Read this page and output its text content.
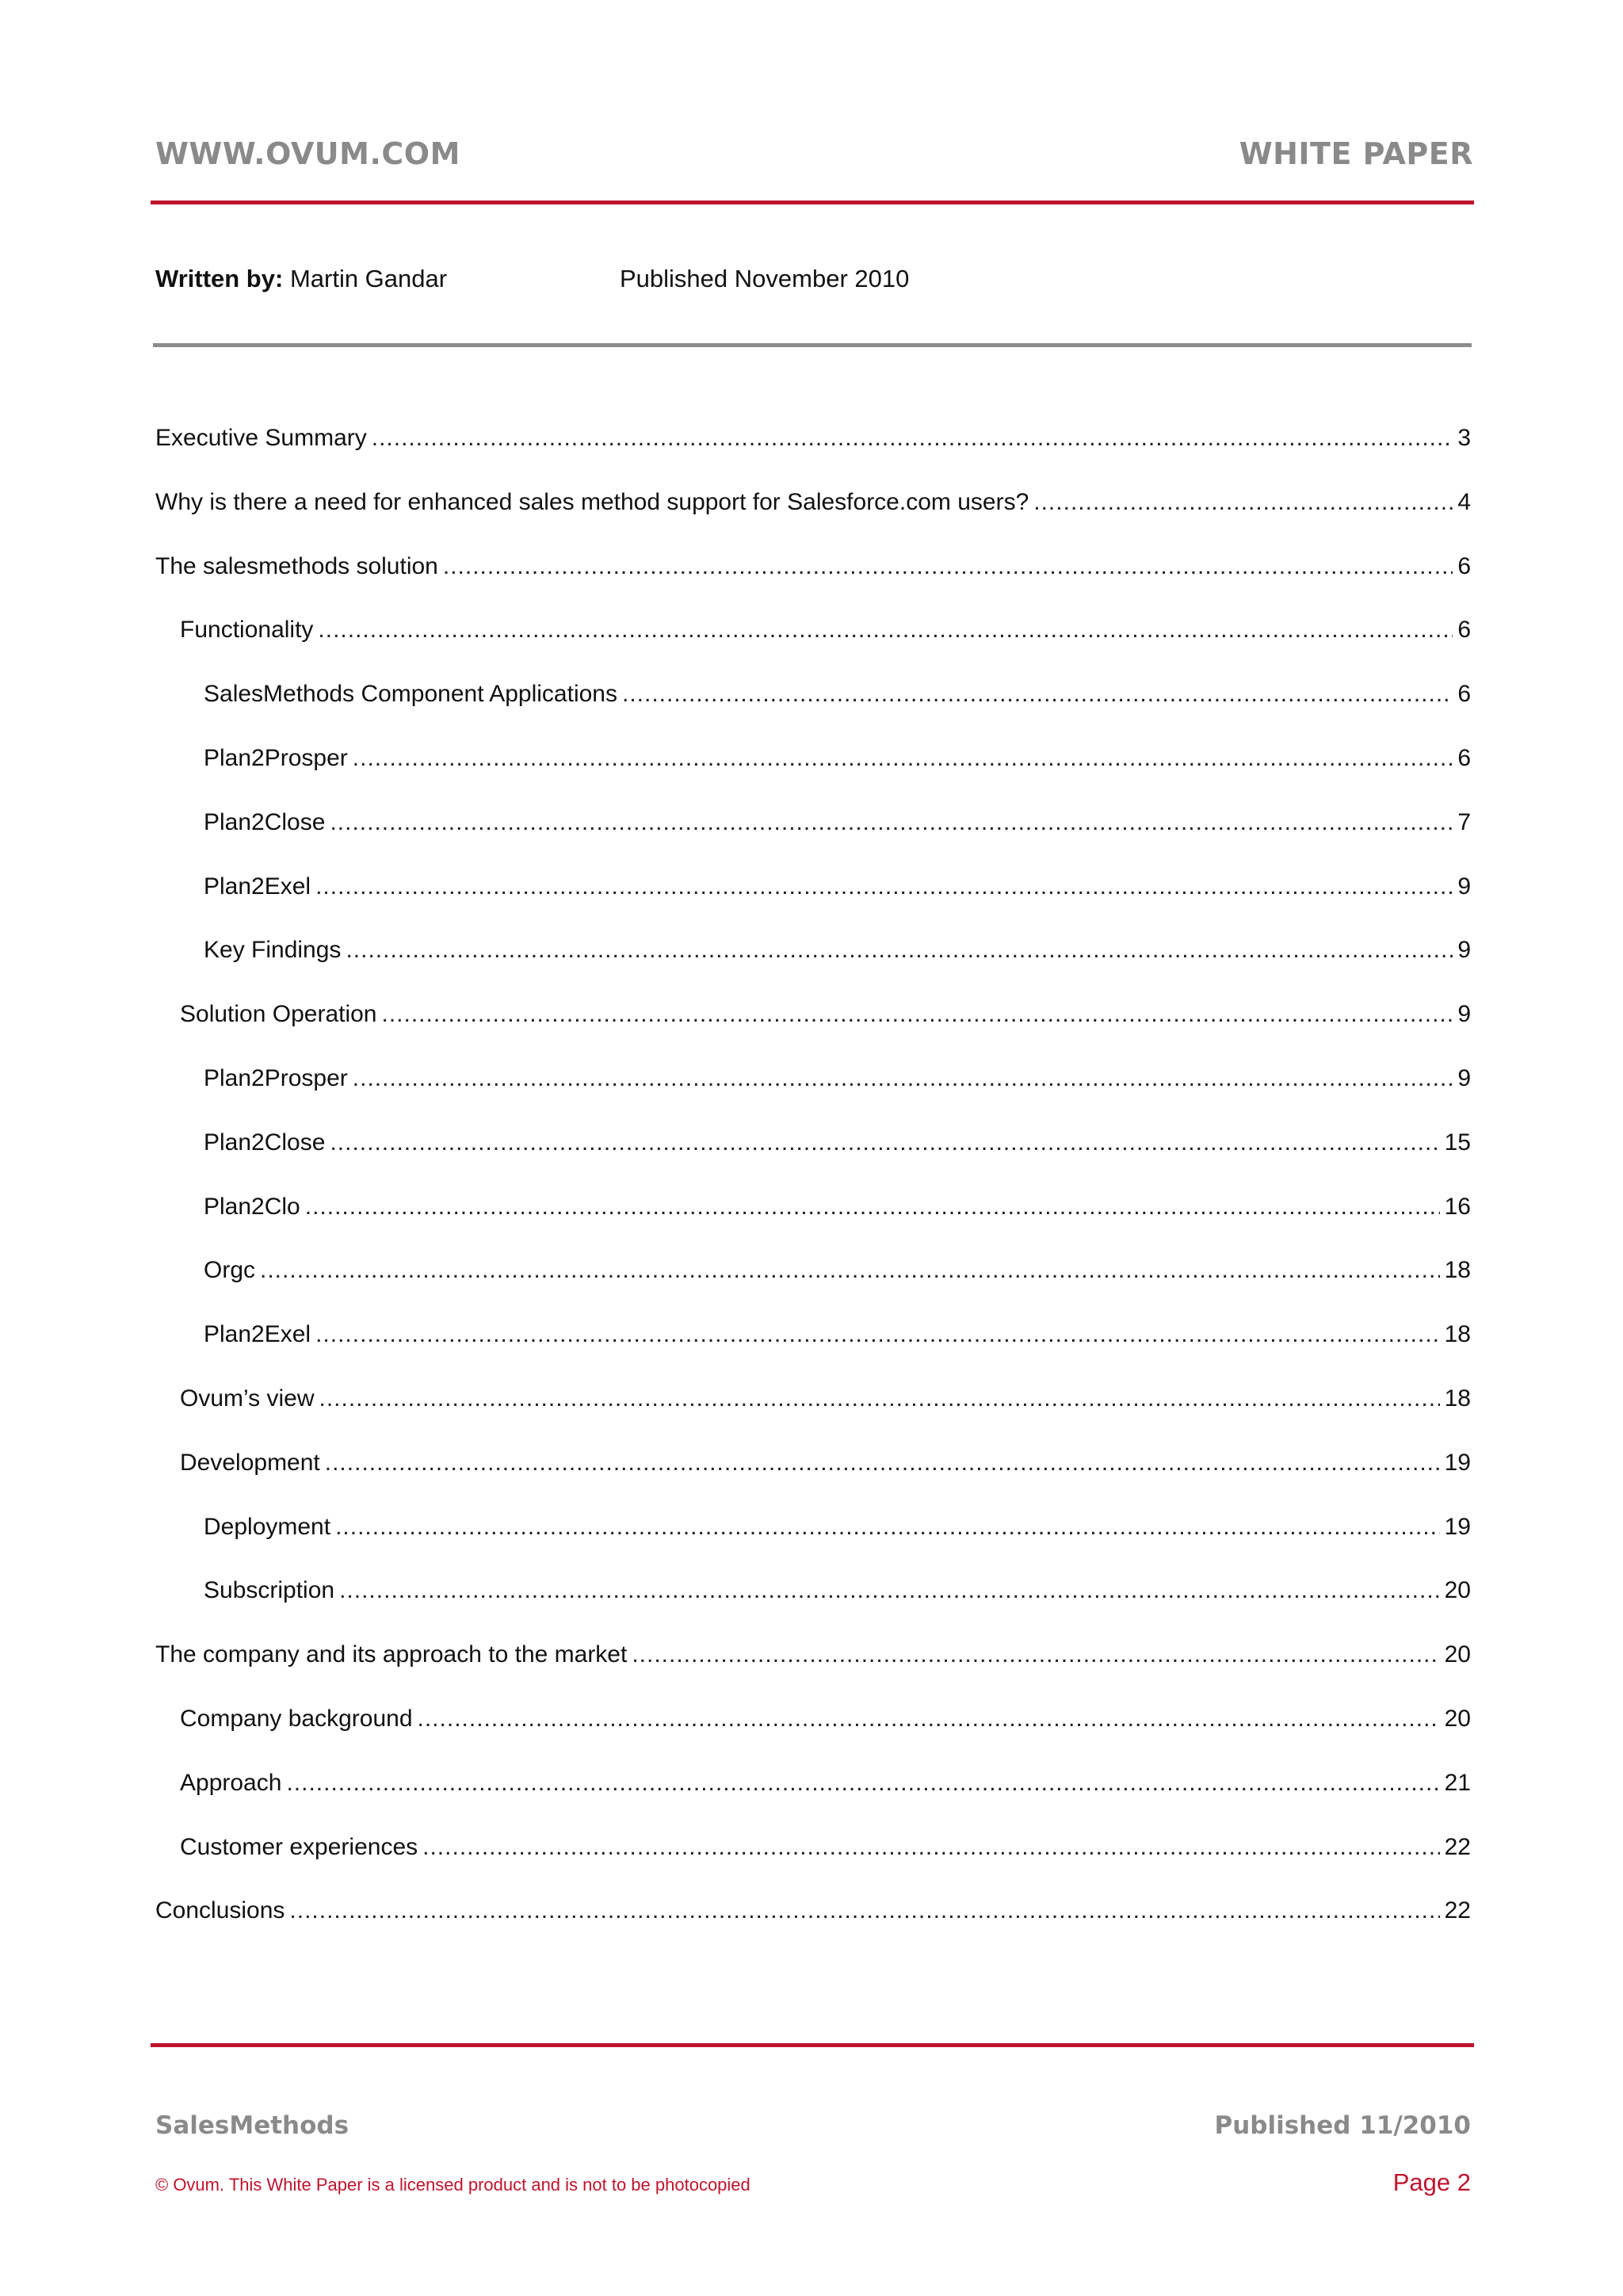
WWW.OVUM.COM	WHITE PAPER
Written by: Martin Gandar	Published November 2010
Executive Summary .....	3
Why is there a need for enhanced sales method support for Salesforce.com users? .....	4
The salesmethods solution .....	6
Functionality .....	6
SalesMethods Component Applications .....	6
Plan2Prosper .....	6
Plan2Close .....	7
Plan2Exel .....	9
Key Findings .....	9
Solution Operation .....	9
Plan2Prosper .....	9
Plan2Close .....	15
Plan2Clo .....	16
Orgc .....	18
Plan2Exel .....	18
Ovum’s view .....	18
Development .....	19
Deployment .....	19
Subscription .....	20
The company and its approach to the market .....	20
Company background .....	20
Approach .....	21
Customer experiences .....	22
Conclusions .....	22
SalesMethods	Published 11/2010
© Ovum. This White Paper is a licensed product and is not to be photocopied	Page 2
